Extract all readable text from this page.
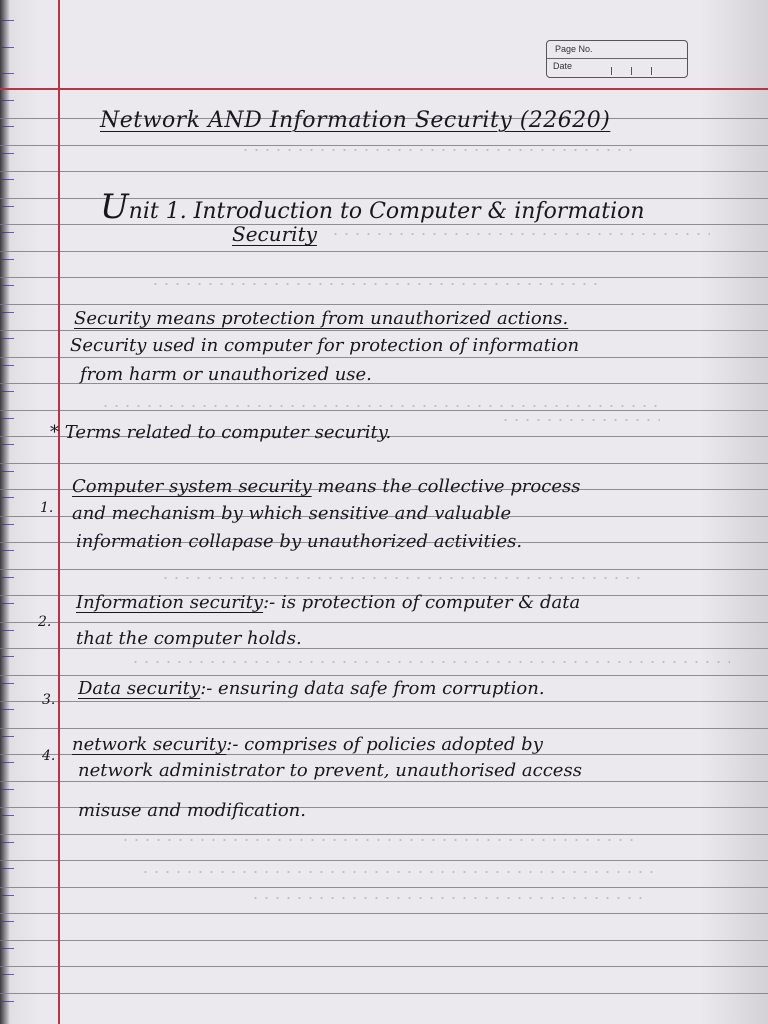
Page No.
Date
Network AND Information Security (22620)
Unit 1. Introduction to Computer & information
Security
Security means protection from unauthorized actions.
Security used in computer for protection of information
from harm or unauthorized use.
* Terms related to computer security.
1.
Computer system security means the collective process
and mechanism by which sensitive and valuable
information collapase by unauthorized activities.
2.
Information security:- is protection of computer & data
that the computer holds.
3.
Data security:- ensuring data safe from corruption.
4.
network security:- comprises of policies adopted by
network administrator to prevent, unauthorised access
misuse and modification.
